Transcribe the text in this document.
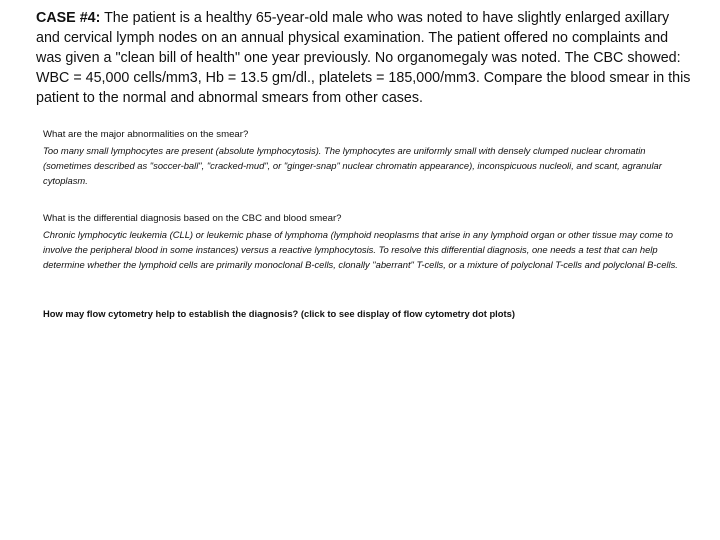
CASE #4: The patient is a healthy 65-year-old male who was noted to have slightly enlarged axillary and cervical lymph nodes on an annual physical examination. The patient offered no complaints and was given a "clean bill of health" one year previously. No organomegaly was noted. The CBC showed: WBC = 45,000 cells/mm3, Hb = 13.5 gm/dl., platelets = 185,000/mm3. Compare the blood smear in this patient to the normal and abnormal smears from other cases.

What are the major abnormalities on the smear?

Too many small lymphocytes are present (absolute lymphocytosis). The lymphocytes are uniformly small with densely clumped nuclear chromatin (sometimes described as "soccer-ball", "cracked-mud", or "ginger-snap" nuclear chromatin appearance), inconspicuous nucleoli, and scant, agranular cytoplasm.

What is the differential diagnosis based on the CBC and blood smear?

Chronic lymphocytic leukemia (CLL) or leukemic phase of lymphoma (lymphoid neoplasms that arise in any lymphoid organ or other tissue may come to involve the peripheral blood in some instances) versus a reactive lymphocytosis. To resolve this differential diagnosis, one needs a test that can help determine whether the lymphoid cells are primarily monoclonal B-cells, clonally "aberrant" T-cells, or a mixture of polyclonal T-cells and polyclonal B-cells.

How may flow cytometry help to establish the diagnosis? (click to see display of flow cytometry dot plots)
